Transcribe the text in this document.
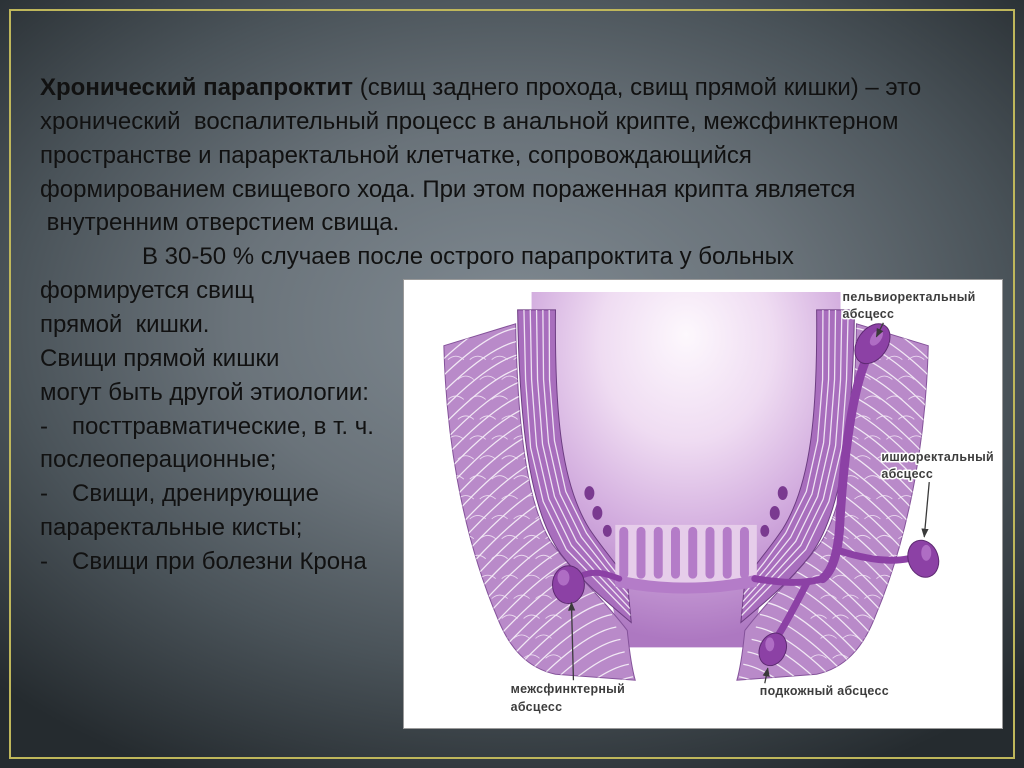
Хронический парапроктит (свищ заднего прохода, свищ прямой кишки) – это
хронический  воспалительный процесс в анальной крипте, межсфинктерном
пространстве и параректальной клетчатке, сопровождающийся
формированием свищевого хода. При этом пораженная крипта является
внутренним отверстием свища.
В 30-50 % случаев после острого парапроктита у больных
формируется свищ
прямой  кишки.
Свищи прямой кишки
могут быть другой этиологии:
- посттравматические, в т. ч.
послеоперационные;
- Свищи, дренирующие
параректальные кисты;
- Свищи при болезни Крона
пельвиоректальный
абсцесс
ишиоректальный
абсцесс
межсфинктерный
абсцесс
подкожный абсцесс
